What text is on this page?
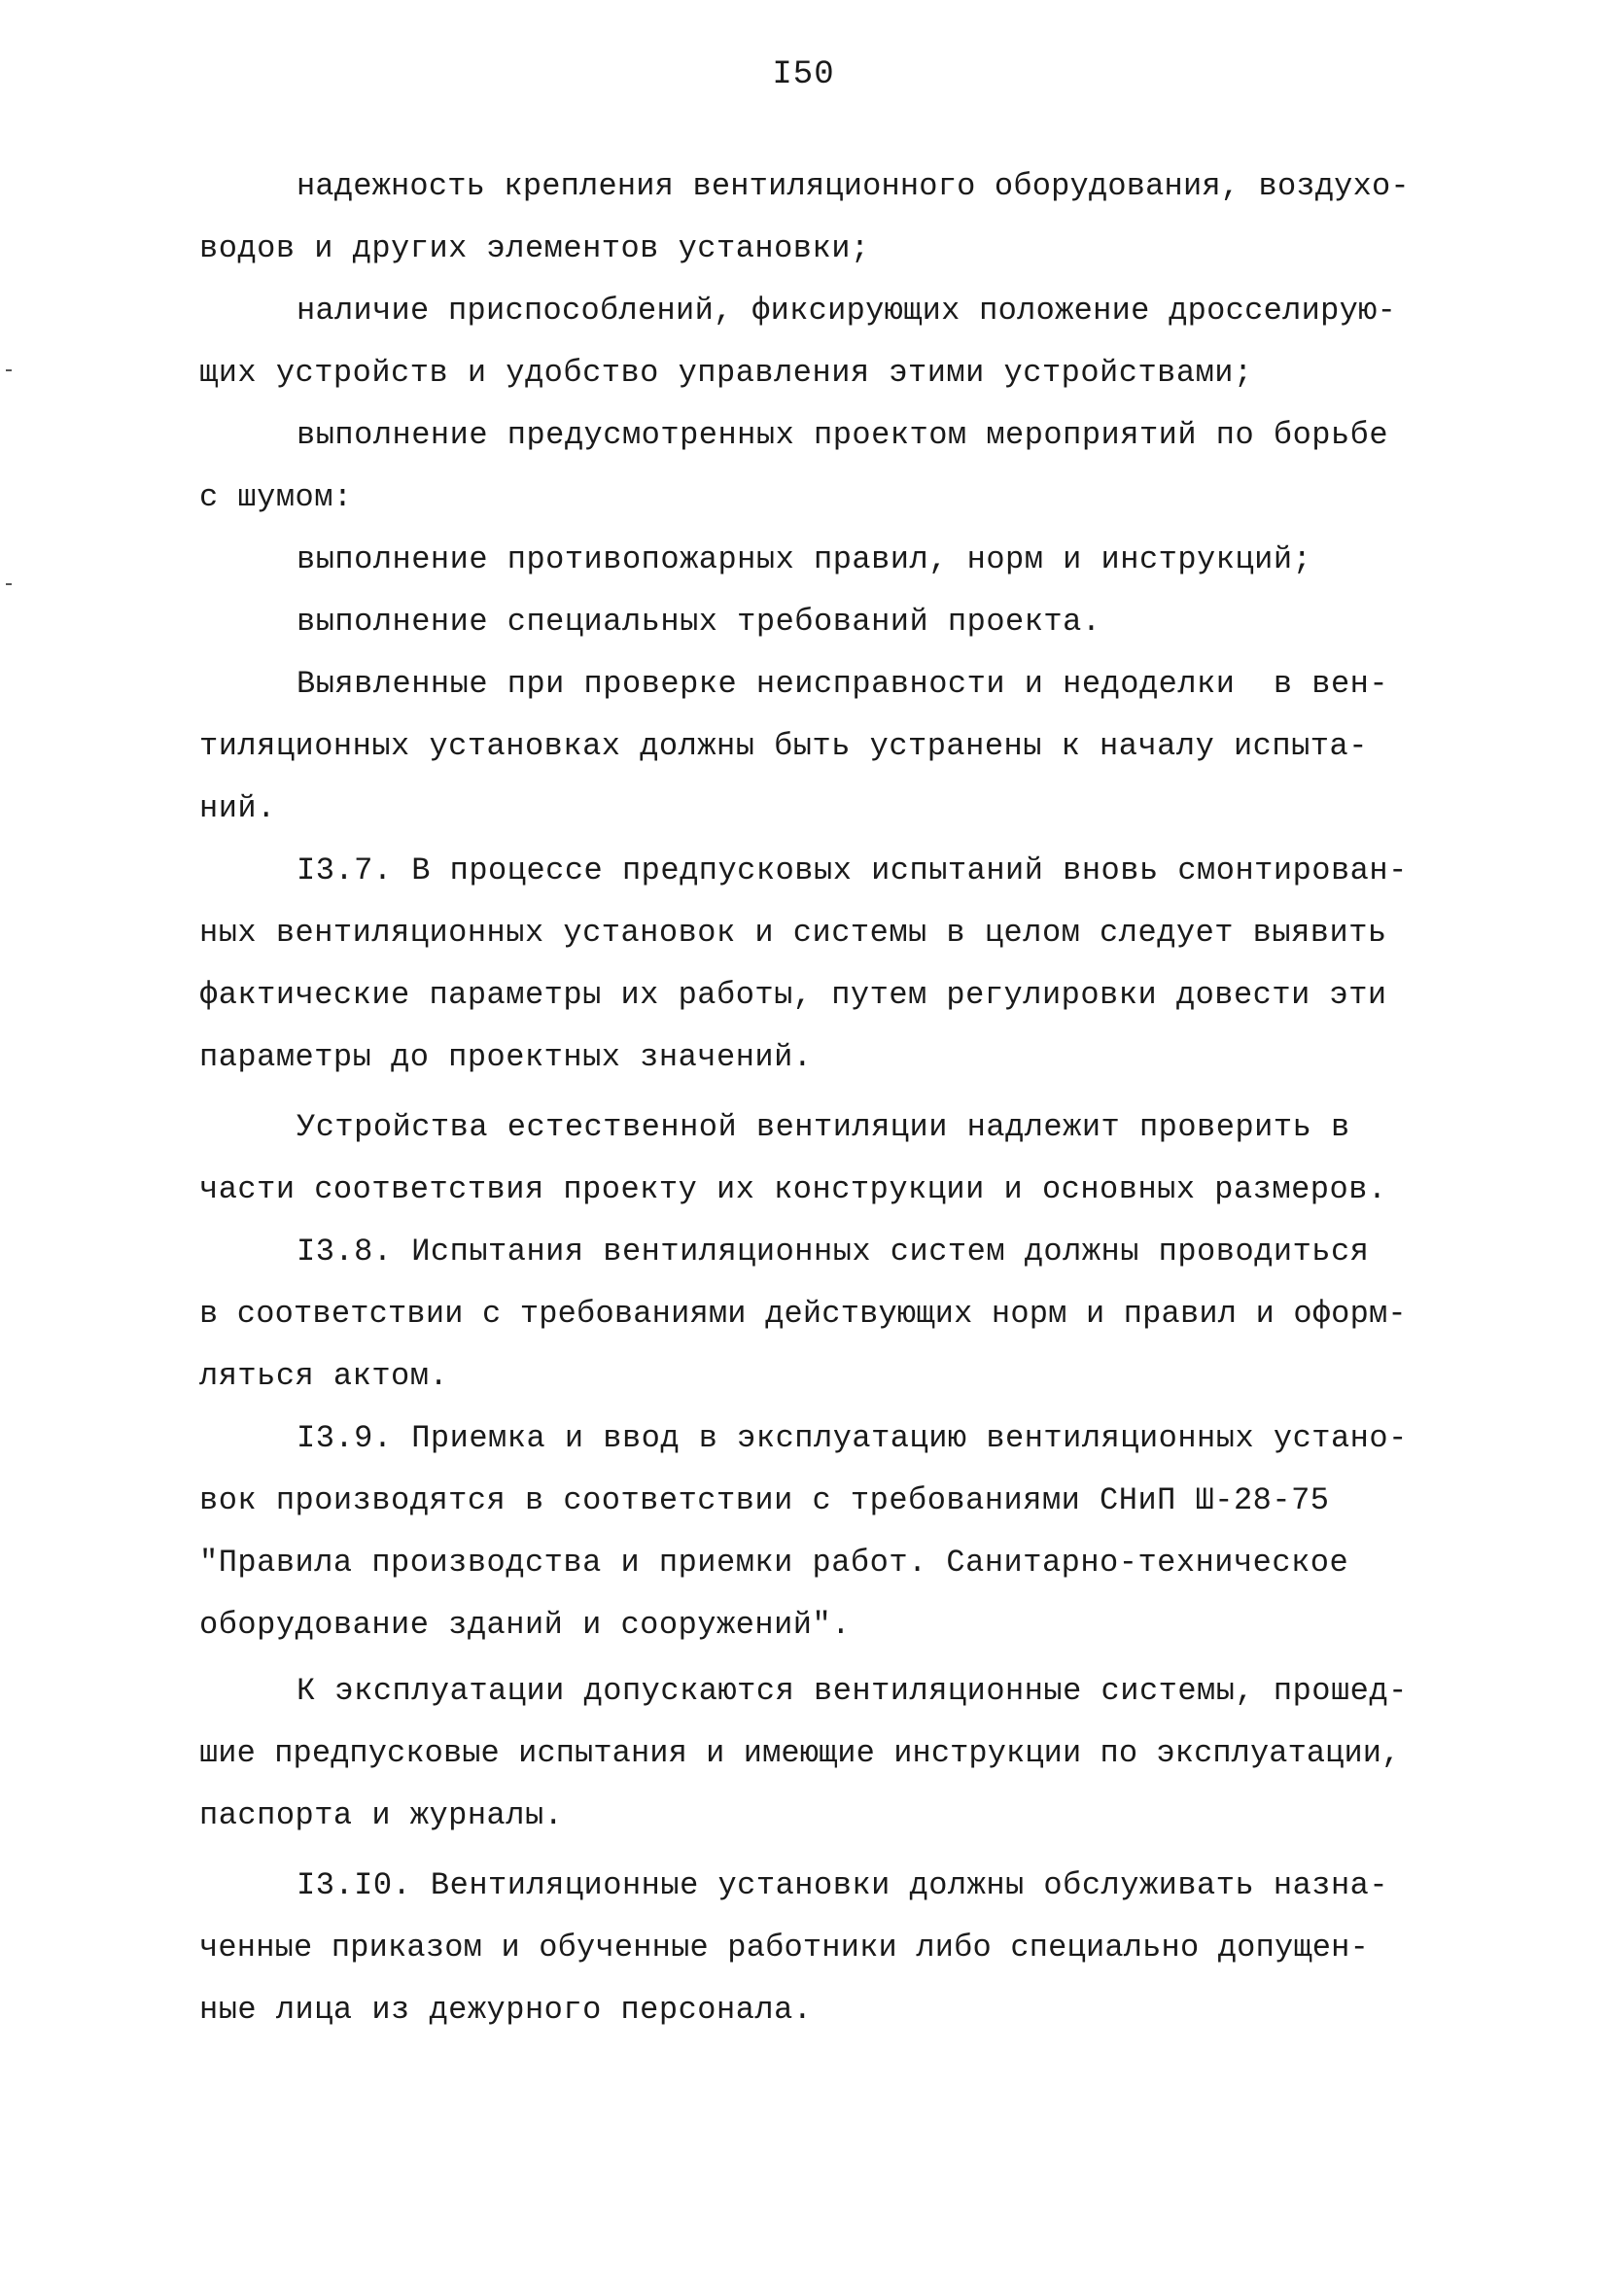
I50
надежность крепления вентиляционного оборудования, воздухо-
водов и других элементов установки;
наличие приспособлений, фиксирующих положение дросселирую-
щих устройств и удобство управления этими устройствами;
выполнение предусмотренных проектом мероприятий по борьбе
с шумом:
выполнение противопожарных правил, норм и инструкций;
выполнение специальных требований проекта.
Выявленные при проверке неисправности и недоделки  в вен-
тиляционных установках должны быть устранены к началу испыта-
ний.
I3.7. В процессе предпусковых испытаний вновь смонтирован-
ных вентиляционных установок и системы в целом следует выявить
фактические параметры их работы, путем регулировки довести эти
параметры до проектных значений.
Устройства естественной вентиляции надлежит проверить в
части соответствия проекту их конструкции и основных размеров.
I3.8. Испытания вентиляционных систем должны проводиться
в соответствии с требованиями действующих норм и правил и оформ-
ляться актом.
I3.9. Приемка и ввод в эксплуатацию вентиляционных устано-
вок производятся в соответствии с требованиями СНиП Ш-28-75
"Правила производства и приемки работ. Санитарно-техническое
оборудование зданий и сооружений".
К эксплуатации допускаются вентиляционные системы, прошед-
шие предпусковые испытания и имеющие инструкции по эксплуатации,
паспорта и журналы.
I3.I0. Вентиляционные установки должны обслуживать назна-
ченные приказом и обученные работники либо специально допущен-
ные лица из дежурного персонала.
